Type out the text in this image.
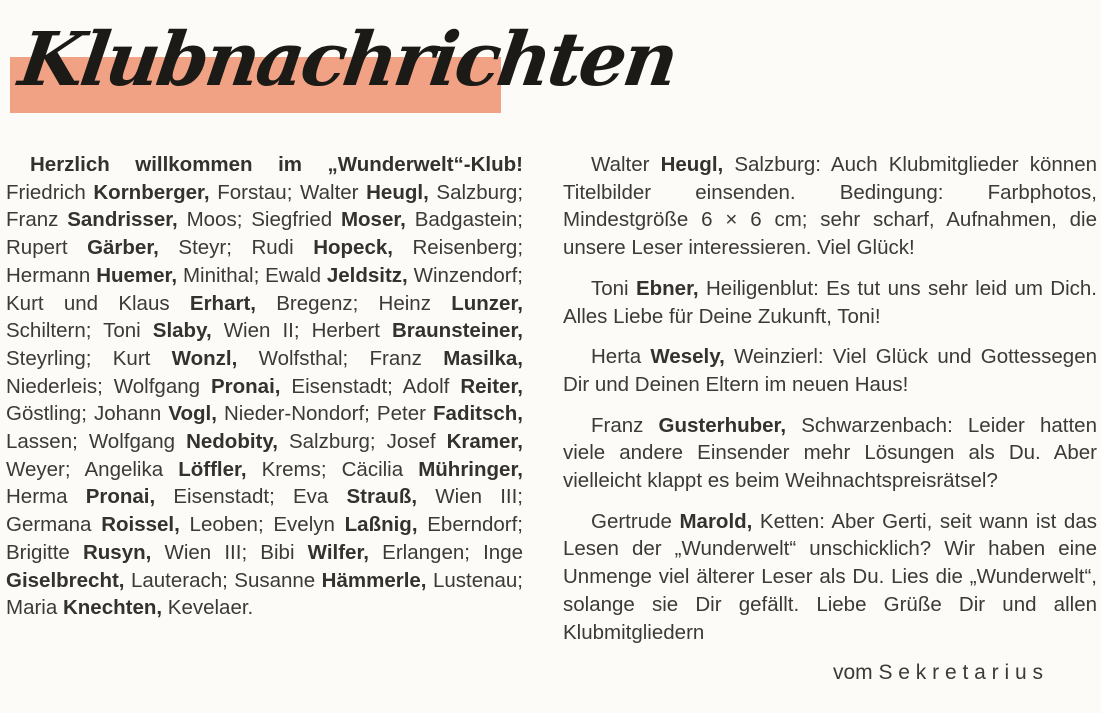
Klubnachrichten
Herzlich willkommen im „Wunderwelt“-Klub!
Friedrich Kornberger, Forstau; Walter Heugl, Salzburg; Franz Sandrisser, Moos; Siegfried Moser, Badgastein; Rupert Gärber, Steyr; Rudi Hopeck, Reisenberg; Hermann Huemer, Minithal; Ewald Jeldsitz, Winzendorf; Kurt und Klaus Erhart, Bregenz; Heinz Lunzer, Schiltern; Toni Slaby, Wien II; Herbert Braunsteiner, Steyrling; Kurt Wonzl, Wolfsthal; Franz Masilka, Niederleis; Wolfgang Pronai, Eisenstadt; Adolf Reiter, Göstling; Johann Vogl, Nieder-Nondorf; Peter Faditsch, Lassen; Wolfgang Nedobity, Salzburg; Josef Kramer, Weyer; Angelika Löffler, Krems; Cäcilia Mühringer, Herma Pronai, Eisenstadt; Eva Strauß, Wien III; Germana Roissel, Leoben; Evelyn Laßnig, Eberndorf; Brigitte Rusyn, Wien III; Bibi Wilfer, Erlangen; Inge Giselbrecht, Lauterach; Susanne Hämmerle, Lustenau; Maria Knechten, Kevelaer.

Walter Heugl, Salzburg: Auch Klubmitglieder können Titelbilder einsenden. Bedingung: Farbphotos, Mindestgröße 6 × 6 cm; sehr scharf, Aufnahmen, die unsere Leser interessieren. Viel Glück!

Toni Ebner, Heiligenblut: Es tut uns sehr leid um Dich. Alles Liebe für Deine Zukunft, Toni!

Herta Wesely, Weinzierl: Viel Glück und Gottessegen Dir und Deinen Eltern im neuen Haus!

Franz Gusterhuber, Schwarzenbach: Leider hatten viele andere Einsender mehr Lösungen als Du. Aber vielleicht klappt es beim Weihnachtspreisrätsel?

Gertrude Marold, Ketten: Aber Gerti, seit wann ist das Lesen der „Wunderwelt“ unschicklich? Wir haben eine Unmenge viel älterer Leser als Du. Lies die „Wunderwelt“, solange sie Dir gefällt. Liebe Grüße Dir und allen Klubmitgliedern

vom S e k r e t a r i u s
